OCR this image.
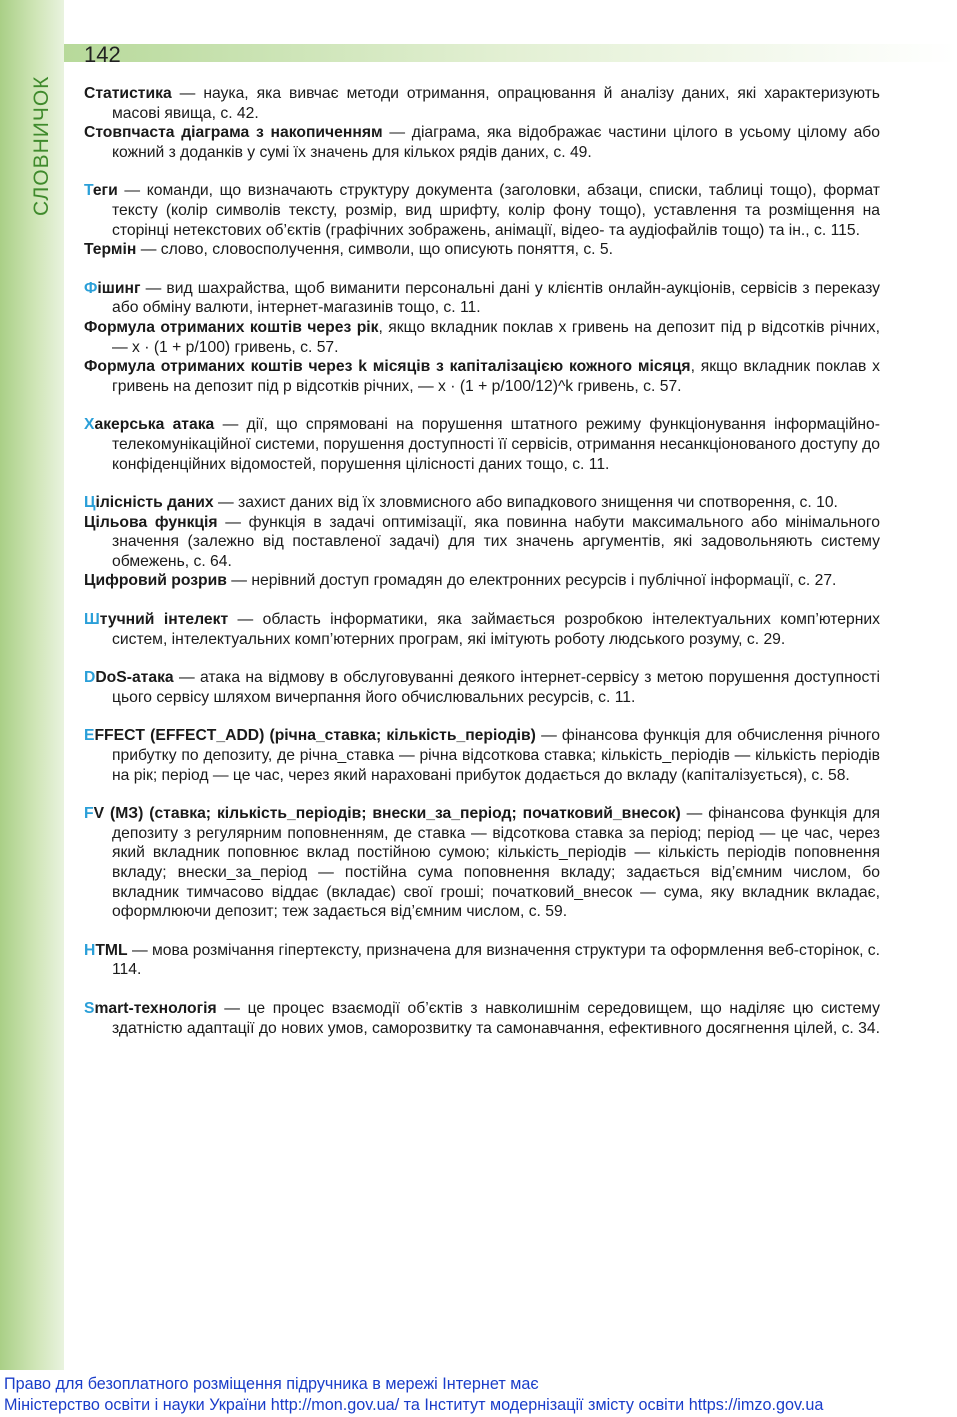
СЛОВНИЧОК
142

Статистика — наука, яка вивчає методи отримання, опрацювання й аналізу даних, які характеризують масові явища, с. 42.

Стовпчаста діаграма з накопиченням — діаграма, яка відображає частини цілого в усьому цілому або кожний з доданків у сумі їх значень для кількох рядів даних, с. 49.

Теги — команди, що визначають структуру документа (заголовки, абзаци, списки, таблиці тощо), формат тексту (колір символів тексту, розмір, вид шрифту, колір фону тощо), уставлення та розміщення на сторінці нетекстових об’єктів (графічних зображень, анімації, відео- та аудіофайлів тощо) та ін., с. 115.

Термін — слово, словосполучення, символи, що описують поняття, с. 5.

Фішинг — вид шахрайства, щоб виманити персональні дані у клієнтів онлайн-аукціонів, сервісів з переказу або обміну валюти, інтернет-магазинів тощо, с. 11.

Формула отриманих коштів через рік, якщо вкладник поклав x гривень на депозит під p відсотків річних, — x · (1 + p/100) гривень, с. 57.

Формула отриманих коштів через k місяців з капіталізацією кожного місяця, якщо вкладник поклав x гривень на депозит під p відсотків річних, — x · (1 + p/100/12)^k гривень, с. 57.

Хакерська атака — дії, що спрямовані на порушення штатного режиму функціонування інформаційно-телекомунікаційної системи, порушення доступності її сервісів, отримання несанкціонованого доступу до конфіденційних відомостей, порушення цілісності даних тощо, с. 11.

Цілісність даних — захист даних від їх зловмисного або випадкового знищення чи спотворення, с. 10.

Цільова функція — функція в задачі оптимізації, яка повинна набути максимального або мінімального значення (залежно від поставленої задачі) для тих значень аргументів, які задовольняють систему обмежень, с. 64.

Цифровий розрив — нерівний доступ громадян до електронних ресурсів і публічної інформації, с. 27.

Штучний інтелект — область інформатики, яка займається розробкою інтелектуальних комп’ютерних систем, інтелектуальних комп’ютерних програм, які імітують роботу людського розуму, с. 29.

DDoS-атака — атака на відмову в обслуговуванні деякого інтернет-сервісу з метою порушення доступності цього сервісу шляхом вичерпання його обчислювальних ресурсів, с. 11.

EFFECT (EFFECT_ADD) (річна_ставка; кількість_періодів) — фінансова функція для обчислення річного прибутку по депозиту, де річна_ставка — річна відсоткова ставка; кількість_періодів — кількість періодів на рік; період — це час, через який нараховані прибуток додається до вкладу (капіталізується), с. 58.

FV (МЗ) (ставка; кількість_періодів; внески_за_період; початковий_внесок) — фінансова функція для депозиту з регулярним поповненням, де ставка — відсоткова ставка за період; період — це час, через який вкладник поповнює вклад постійною сумою; кількість_періодів — кількість періодів поповнення вкладу; внески_за_період — постійна сума поповнення вкладу; задається від’ємним числом, бо вкладник тимчасово віддає (вкладає) свої гроші; початковий_внесок — сума, яку вкладник вкладає, оформлюючи депозит; теж задається від’ємним числом, с. 59.

HTML — мова розмічання гіпертексту, призначена для визначення структури та оформлення веб-сторінок, с. 114.

Smart-технологія — це процес взаємодії об’єктів з навколишнім середовищем, що наділяє цю систему здатністю адаптації до нових умов, саморозвитку та самонавчання, ефективного досягнення цілей, с. 34.

Право для безоплатного розміщення підручника в мережі Інтернет має
Міністерство освіти і науки України http://mon.gov.ua/ та Інститут модернізації змісту освіти https://imzo.gov.ua
